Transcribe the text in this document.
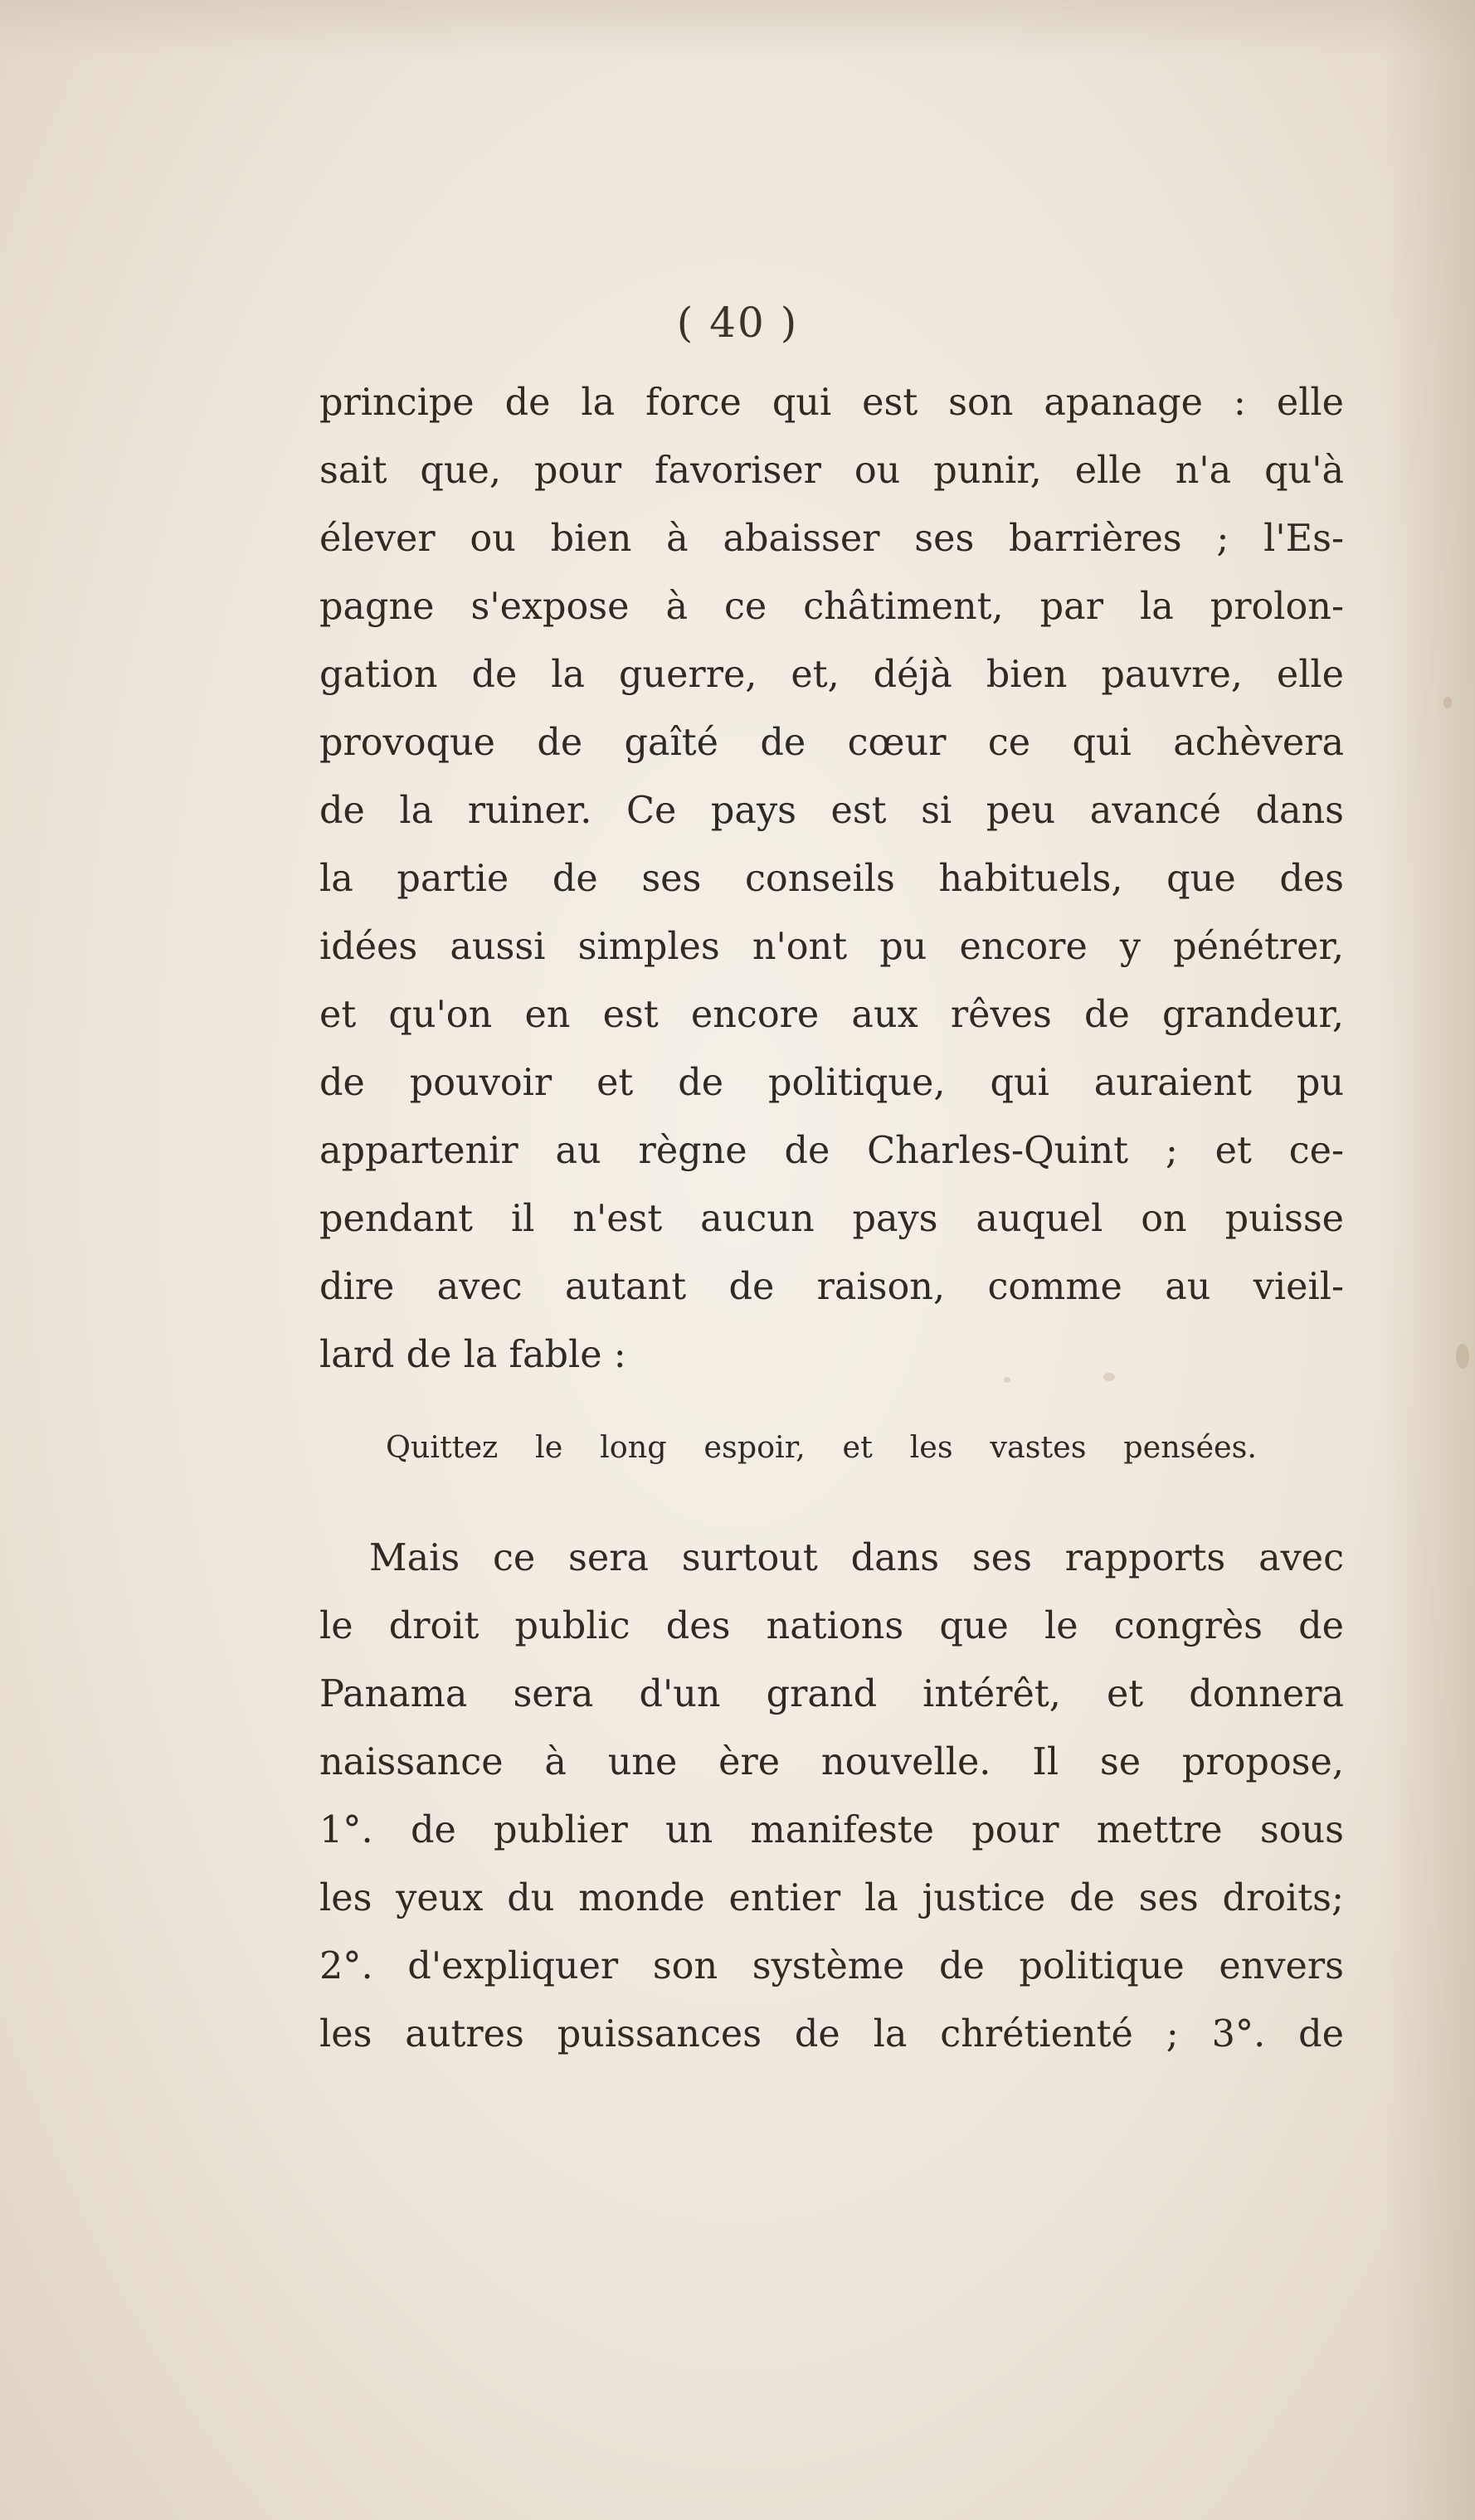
( 40 )
principe de la force qui est son apanage : elle
sait que, pour favoriser ou punir, elle n'a qu'à
élever ou bien à abaisser ses barrières ; l'Es-
pagne s'expose à ce châtiment, par la prolon-
gation de la guerre, et, déjà bien pauvre, elle
provoque de gaîté de cœur ce qui achèvera
de la ruiner. Ce pays est si peu avancé dans
la partie de ses conseils habituels, que des
idées aussi simples n'ont pu encore y pénétrer,
et qu'on en est encore aux rêves de grandeur,
de pouvoir et de politique, qui auraient pu
appartenir au règne de Charles-Quint ; et ce-
pendant il n'est aucun pays auquel on puisse
dire avec autant de raison, comme au vieil-
lard de la fable :
Quittez le long espoir, et les vastes pensées.
Mais ce sera surtout dans ses rapports avec
le droit public des nations que le congrès de
Panama sera d'un grand intérêt, et donnera
naissance à une ère nouvelle. Il se propose,
1°. de publier un manifeste pour mettre sous
les yeux du monde entier la justice de ses droits;
2°. d'expliquer son système de politique envers
les autres puissances de la chrétienté ; 3°. de
